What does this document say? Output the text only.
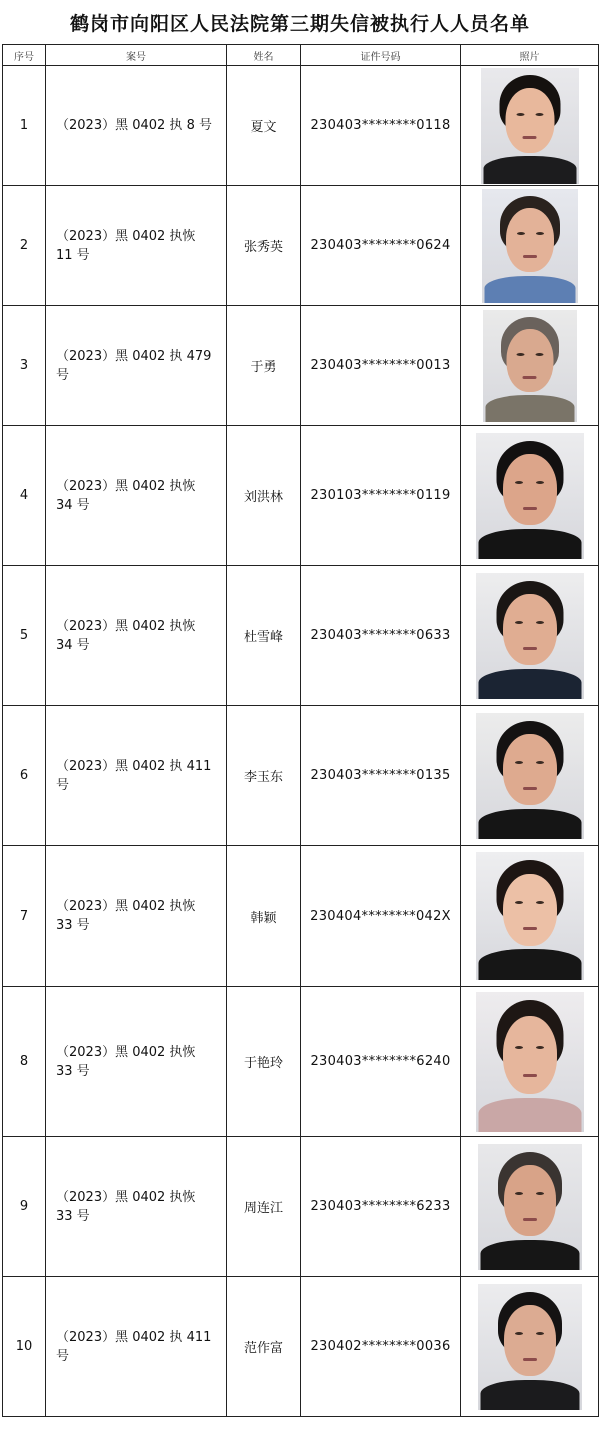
鹤岗市向阳区人民法院第三期失信被执行人人员名单
序号	案号	姓名	证件号码	照片
1	（2023）黑 0402 执 8 号	夏文	230403********0118	

2	（2023）黑 0402 执恢 11 号	张秀英	230403********0624	

3	（2023）黑 0402 执 479 号	于勇	230403********0013	

4	（2023）黑 0402 执恢 34 号	刘洪林	230103********0119	

5	（2023）黑 0402 执恢 34 号	杜雪峰	230403********0633	

6	（2023）黑 0402 执 411 号	李玉东	230403********0135	

7	（2023）黑 0402 执恢 33 号	韩颖	230404********042X	

8	（2023）黑 0402 执恢 33 号	于艳玲	230403********6240	

9	（2023）黑 0402 执恢 33 号	周连江	230403********6233	

10	（2023）黑 0402 执 411 号	范作富	230402********0036	
